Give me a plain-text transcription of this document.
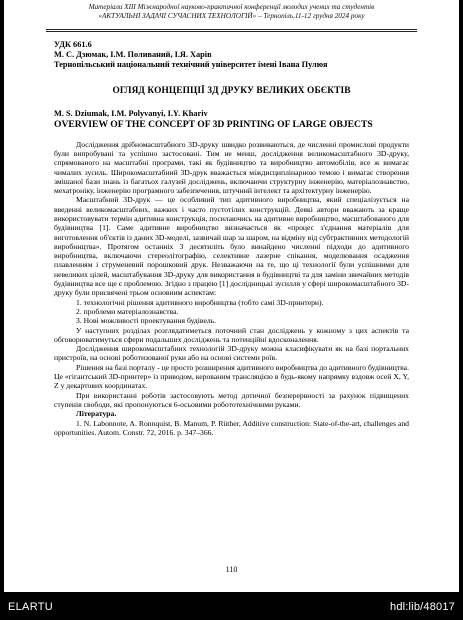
Матеріали ХIII Міжнародної науково-практичної конференції молодих учених та студентів
«АКТУАЛЬНІ ЗАДАЧІ СУЧАСНИХ ТЕХНОЛОГІЙ» – Тернопіль,11-12 грудня 2024 року
УДК 661.6
М. С. Дзюмак, І.М. Поливаний, І.Я. Харів
Тернопільський національний технічний університет імені Івана Пулюя
ОГЛЯД КОНЦЕПЦІЇ 3Д ДРУКУ ВЕЛИКИХ ОБЄКТІВ
M. S. Dziumak, I.M. Polyvanyi, I.Y. Khariv
OVERVIEW OF THE CONCEPT OF 3D PRINTING OF LARGE OBJECTS

Дослідження дрібномасштабного 3D-друку швидко розвиваються, де численні промислові продукти були випробувані та успішно застосовані. Тим не менш, дослідження великомасштабного 3D-друку, спрямованого на масштабні програми, такі як будівництво та виробництво автомобілів, все ж вимагає чималих зусиль. Широкомасштабний 3D-друк вважається міждисциплінарною темою і вимагає створення змішаної бази знань із багатьох галузей досліджень, включаючи структурну інженерію, матеріалознавство, мехатроніку, інженерію програмного забезпечення, штучний інтелект та архітектурну інженерію.

Масштабний 3D-друк — це особливий тип адитивного виробництва, який спеціалізується на введенні великомасштабних, важких і часто пустотілих конструкцій. Деякі автори вважають за краще використовувати термін адитивна конструкція, посилаючись на адитивне виробництво, масштабованого для будівництва [1]. Саме адитивне виробництво визначається як «процес з'єднання матеріалів для виготовлення об'єктів із даних 3D-моделі, зазвичай шар за шаром, на відміну від субтрактивних методологій виробництва». Протягом останніх 3 десятиліть було винайдено численні підходи до адитивного виробництва, включаючи стереолітографію, селективне лазерне спікання, моделювання осадження плавленням і струменевий порошковий друк. Незважаючи на те, що ці технології були успішними для невеликих цілей, масштабування 3D-друку для використання в будівництві та для заміни звичайних методів будівництва все ще є проблемою. Згідно з працею [1] дослідницькі зусилля у сфері широкомасштабного 3D-друку були присвячені трьом основним аспектам:

1. технологічні рішення адитивного виробництва (тобто самі 3D-принтери).
2. проблеми матеріалознавства.
3. Нові можливості проектування будівель.

У наступних розділах розглядатиметься поточний стан досліджень у кожному з цих аспектів та обговорюватимуться сфери подальших досліджень та потенційні вдосконалення.

Дослідження широкомасштабних технологій 3D-друку можна класифікувати як на базі портальних пристроїв, на основі роботизованої руки або на основі системи роїв.

Рішення на базі порталу - це просто розширення адитивного виробництва до адитивного будівництва. Це «гігантський 3D-принтер» із приводом, керованим трансляцією в будь-якому напрямку вздовж осей X, Y, Z у декартових координатах.

При використанні роботів застосовують метод дотичної безперервності за рахунок підвищених ступенів свободи, які пропонуються 6-осьовими робототехнічними руками.

Література.
1. N. Labonnote, A. Ronnquist, B. Manum, P. Rüther, Additive construction: State-of-the-art, challenges and opportunities. Autom. Constr. 72, 2016. p. 347–366.
110
ELARTU	hdl:lib/48017
